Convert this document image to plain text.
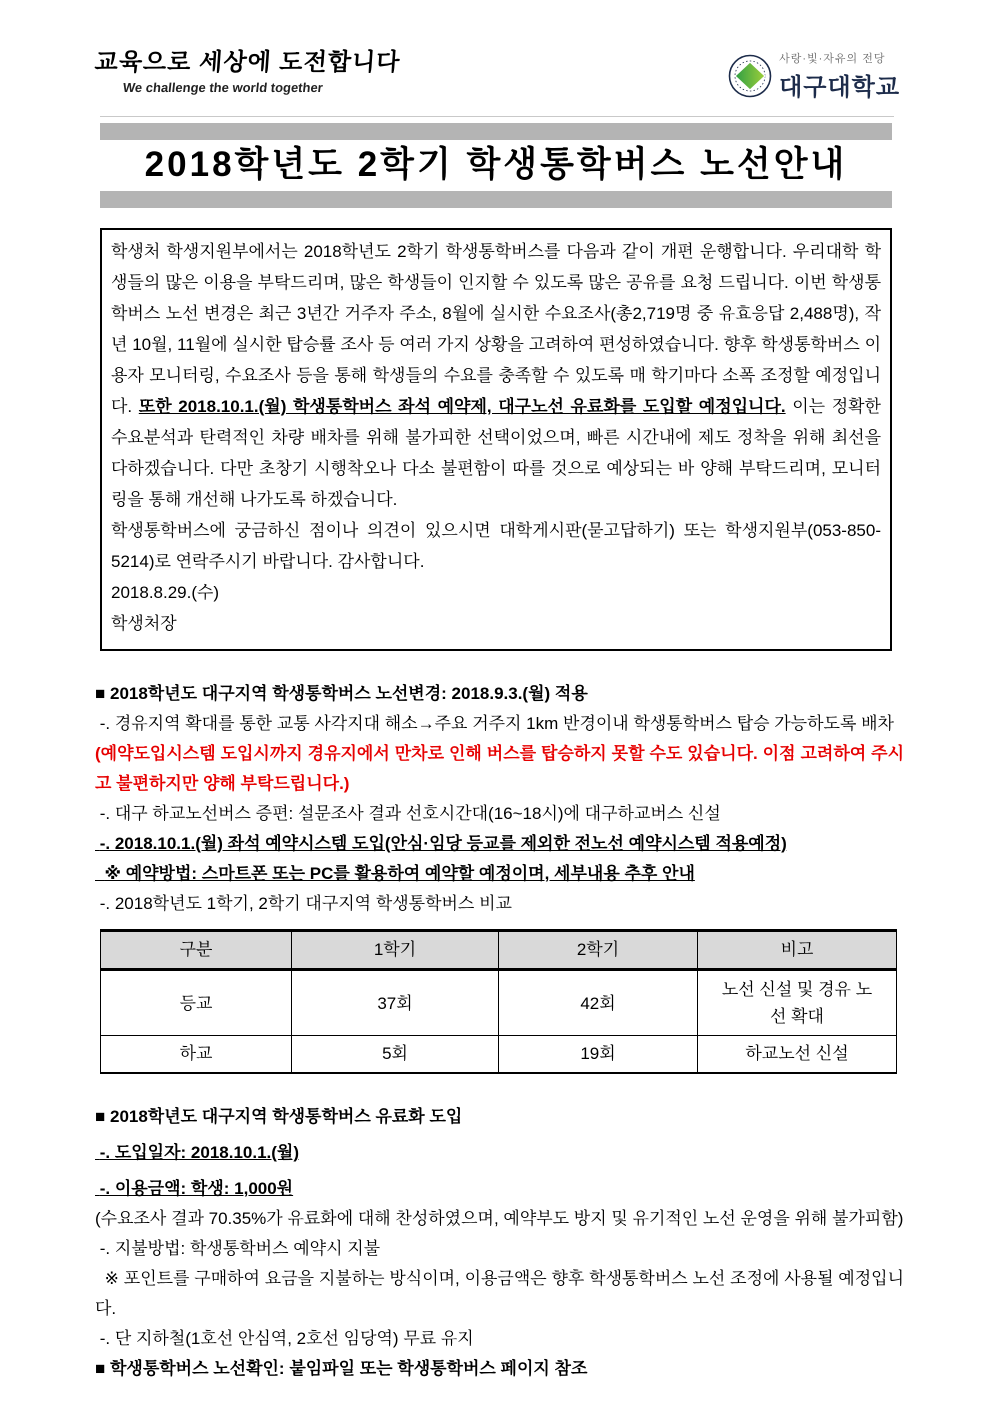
교육으로 세상에 도전합니다
We challenge the world together
사랑·빛·자유의 전당
대구대학교
2018학년도 2학기 학생통학버스 노선안내

학생처 학생지원부에서는 2018학년도 2학기 학생통학버스를 다음과 같이 개편 운행합니다. 우리대학 학생들의 많은 이용을 부탁드리며, 많은 학생들이 인지할 수 있도록 많은 공유를 요청 드립니다. 이번 학생통학버스 노선 변경은 최근 3년간 거주자 주소, 8월에 실시한 수요조사(총2,719명 중 유효응답 2,488명), 작년 10월, 11월에 실시한 탑승률 조사 등 여러 가지 상황을 고려하여 편성하였습니다. 향후 학생통학버스 이용자 모니터링, 수요조사 등을 통해 학생들의 수요를 충족할 수 있도록 매 학기마다 소폭 조정할 예정입니다. 또한 2018.10.1.(월) 학생통학버스 좌석 예약제, 대구노선 유료화를 도입할 예정입니다. 이는 정확한 수요분석과 탄력적인 차량 배차를 위해 불가피한 선택이었으며, 빠른 시간내에 제도 정착을 위해 최선을 다하겠습니다. 다만 초창기 시행착오나 다소 불편함이 따를 것으로 예상되는 바 양해 부탁드리며, 모니터링을 통해 개선해 나가도록 하겠습니다.

학생통학버스에 궁금하신 점이나 의견이 있으시면 대학게시판(묻고답하기) 또는 학생지원부(053-850-5214)로 연락주시기 바랍니다. 감사합니다.

2018.8.29.(수)

학생처장

■ 2018학년도 대구지역 학생통학버스 노선변경: 2018.9.3.(월) 적용
-. 경유지역 확대를 통한 교통 사각지대 해소→주요 거주지 1km 반경이내 학생통학버스 탑승 가능하도록 배차
(예약도입시스템 도입시까지 경유지에서 만차로 인해 버스를 탑승하지 못할 수도 있습니다. 이점 고려하여 주시고 불편하지만 양해 부탁드립니다.)
-. 대구 하교노선버스 증편: 설문조사 결과 선호시간대(16~18시)에 대구하교버스 신설
-. 2018.10.1.(월) 좌석 예약시스템 도입(안심·임당 등교를 제외한 전노선 예약시스템 적용예정)
※ 예약방법: 스마트폰 또는 PC를 활용하여 예약할 예정이며, 세부내용 추후 안내
-. 2018학년도 1학기, 2학기 대구지역 학생통학버스 비교
구분	1학기	2학기	비고
등교	37회	42회	노선 신설 및 경유 노선 확대
하교	5회	19회	하교노선 신설
■ 2018학년도 대구지역 학생통학버스 유료화 도입
-. 도입일자: 2018.10.1.(월)
-. 이용금액: 학생: 1,000원
(수요조사 결과 70.35%가 유료화에 대해 찬성하였으며, 예약부도 방지 및 유기적인 노선 운영을 위해 불가피함)
-. 지불방법: 학생통학버스 예약시 지불
※ 포인트를 구매하여 요금을 지불하는 방식이며, 이용금액은 향후 학생통학버스 노선 조정에 사용될 예정입니다.
-. 단 지하철(1호선 안심역, 2호선 임당역) 무료 유지
■ 학생통학버스 노선확인: 붙임파일 또는 학생통학버스 페이지 참조
